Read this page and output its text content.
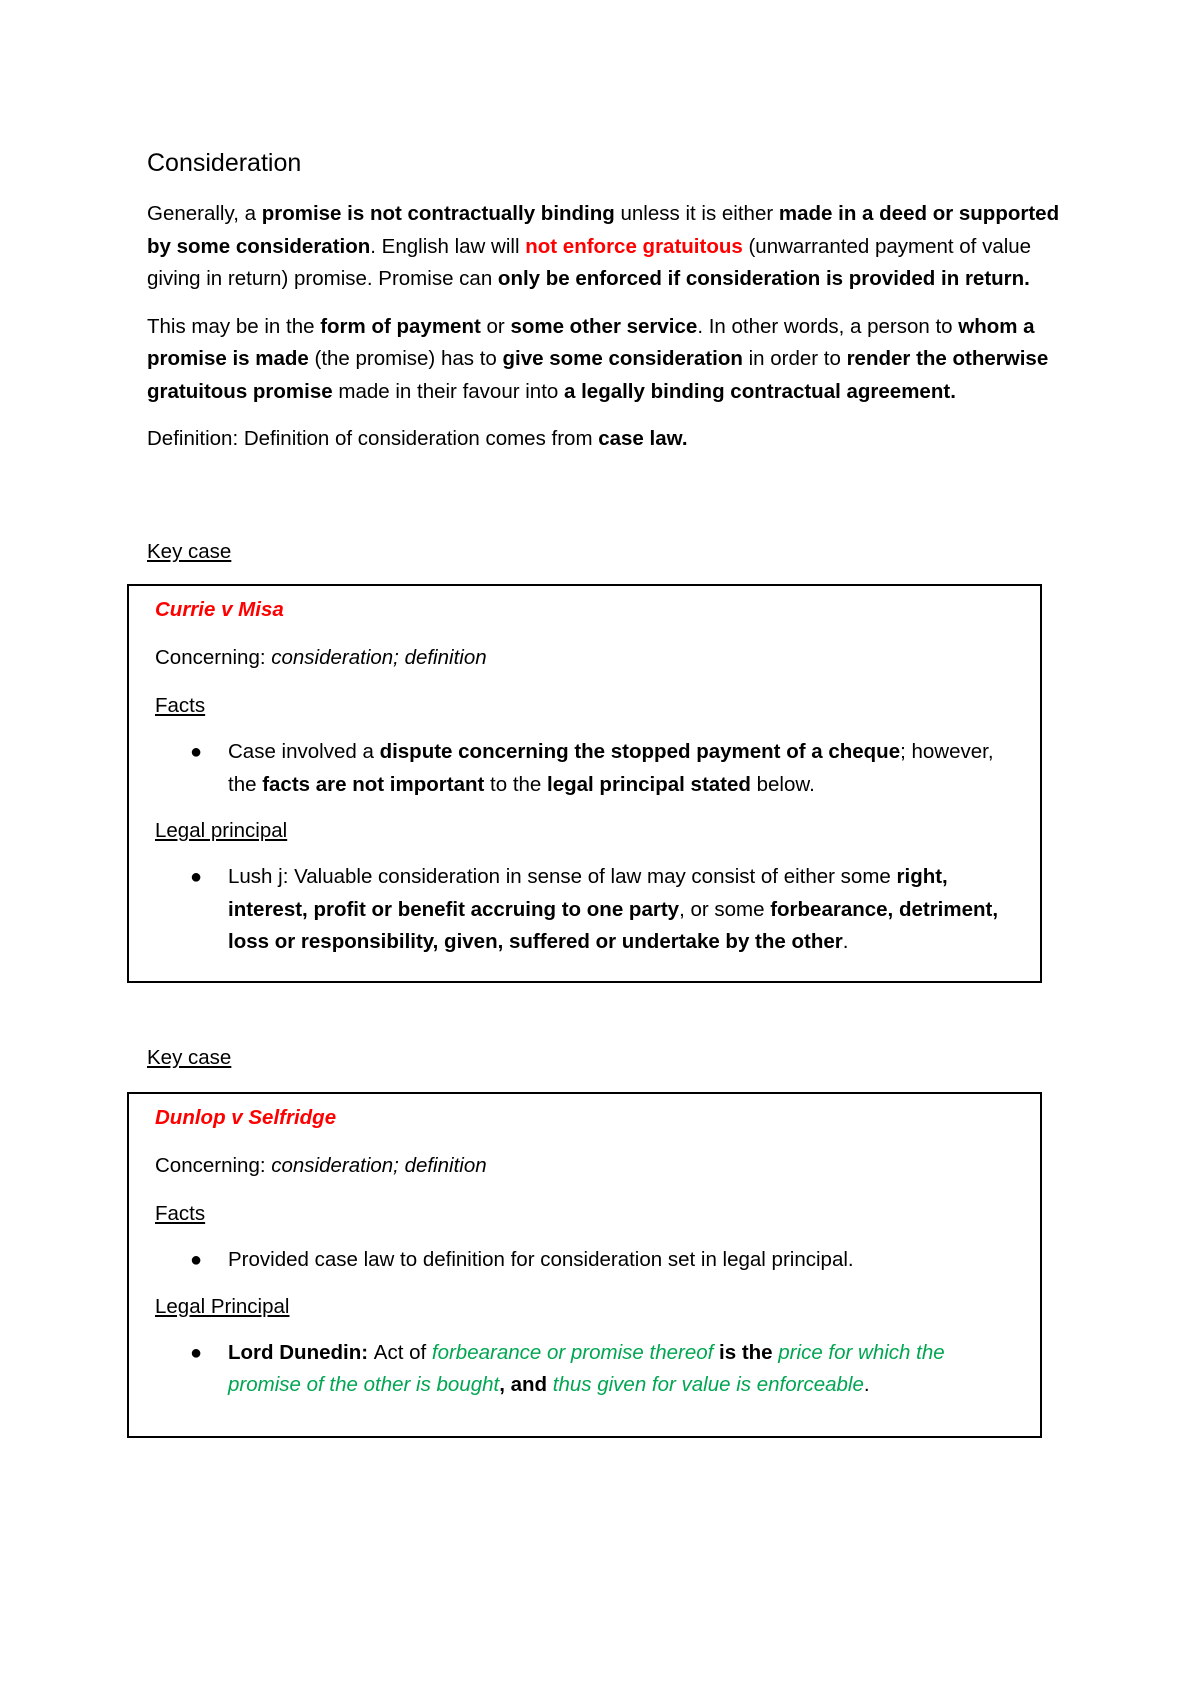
Consideration

Generally, a promise is not contractually binding unless it is either made in a deed or supported by some consideration. English law will not enforce gratuitous (unwarranted payment of value giving in return) promise. Promise can only be enforced if consideration is provided in return.

This may be in the form of payment or some other service. In other words, a person to whom a promise is made (the promise) has to give some consideration in order to render the otherwise gratuitous promise made in their favour into a legally binding contractual agreement.

Definition: Definition of consideration comes from case law.

Key case
Currie v Misa
Concerning: consideration; definition
Facts
● Case involved a dispute concerning the stopped payment of a cheque; however, the facts are not important to the legal principal stated below.
Legal principal
● Lush j: Valuable consideration in sense of law may consist of either some right, interest, profit or benefit accruing to one party, or some forbearance, detriment, loss or responsibility, given, suffered or undertake by the other.
Key case
Dunlop v Selfridge
Concerning: consideration; definition
Facts
● Provided case law to definition for consideration set in legal principal.
Legal Principal
● Lord Dunedin: Act of forbearance or promise thereof is the price for which the promise of the other is bought, and thus given for value is enforceable.
